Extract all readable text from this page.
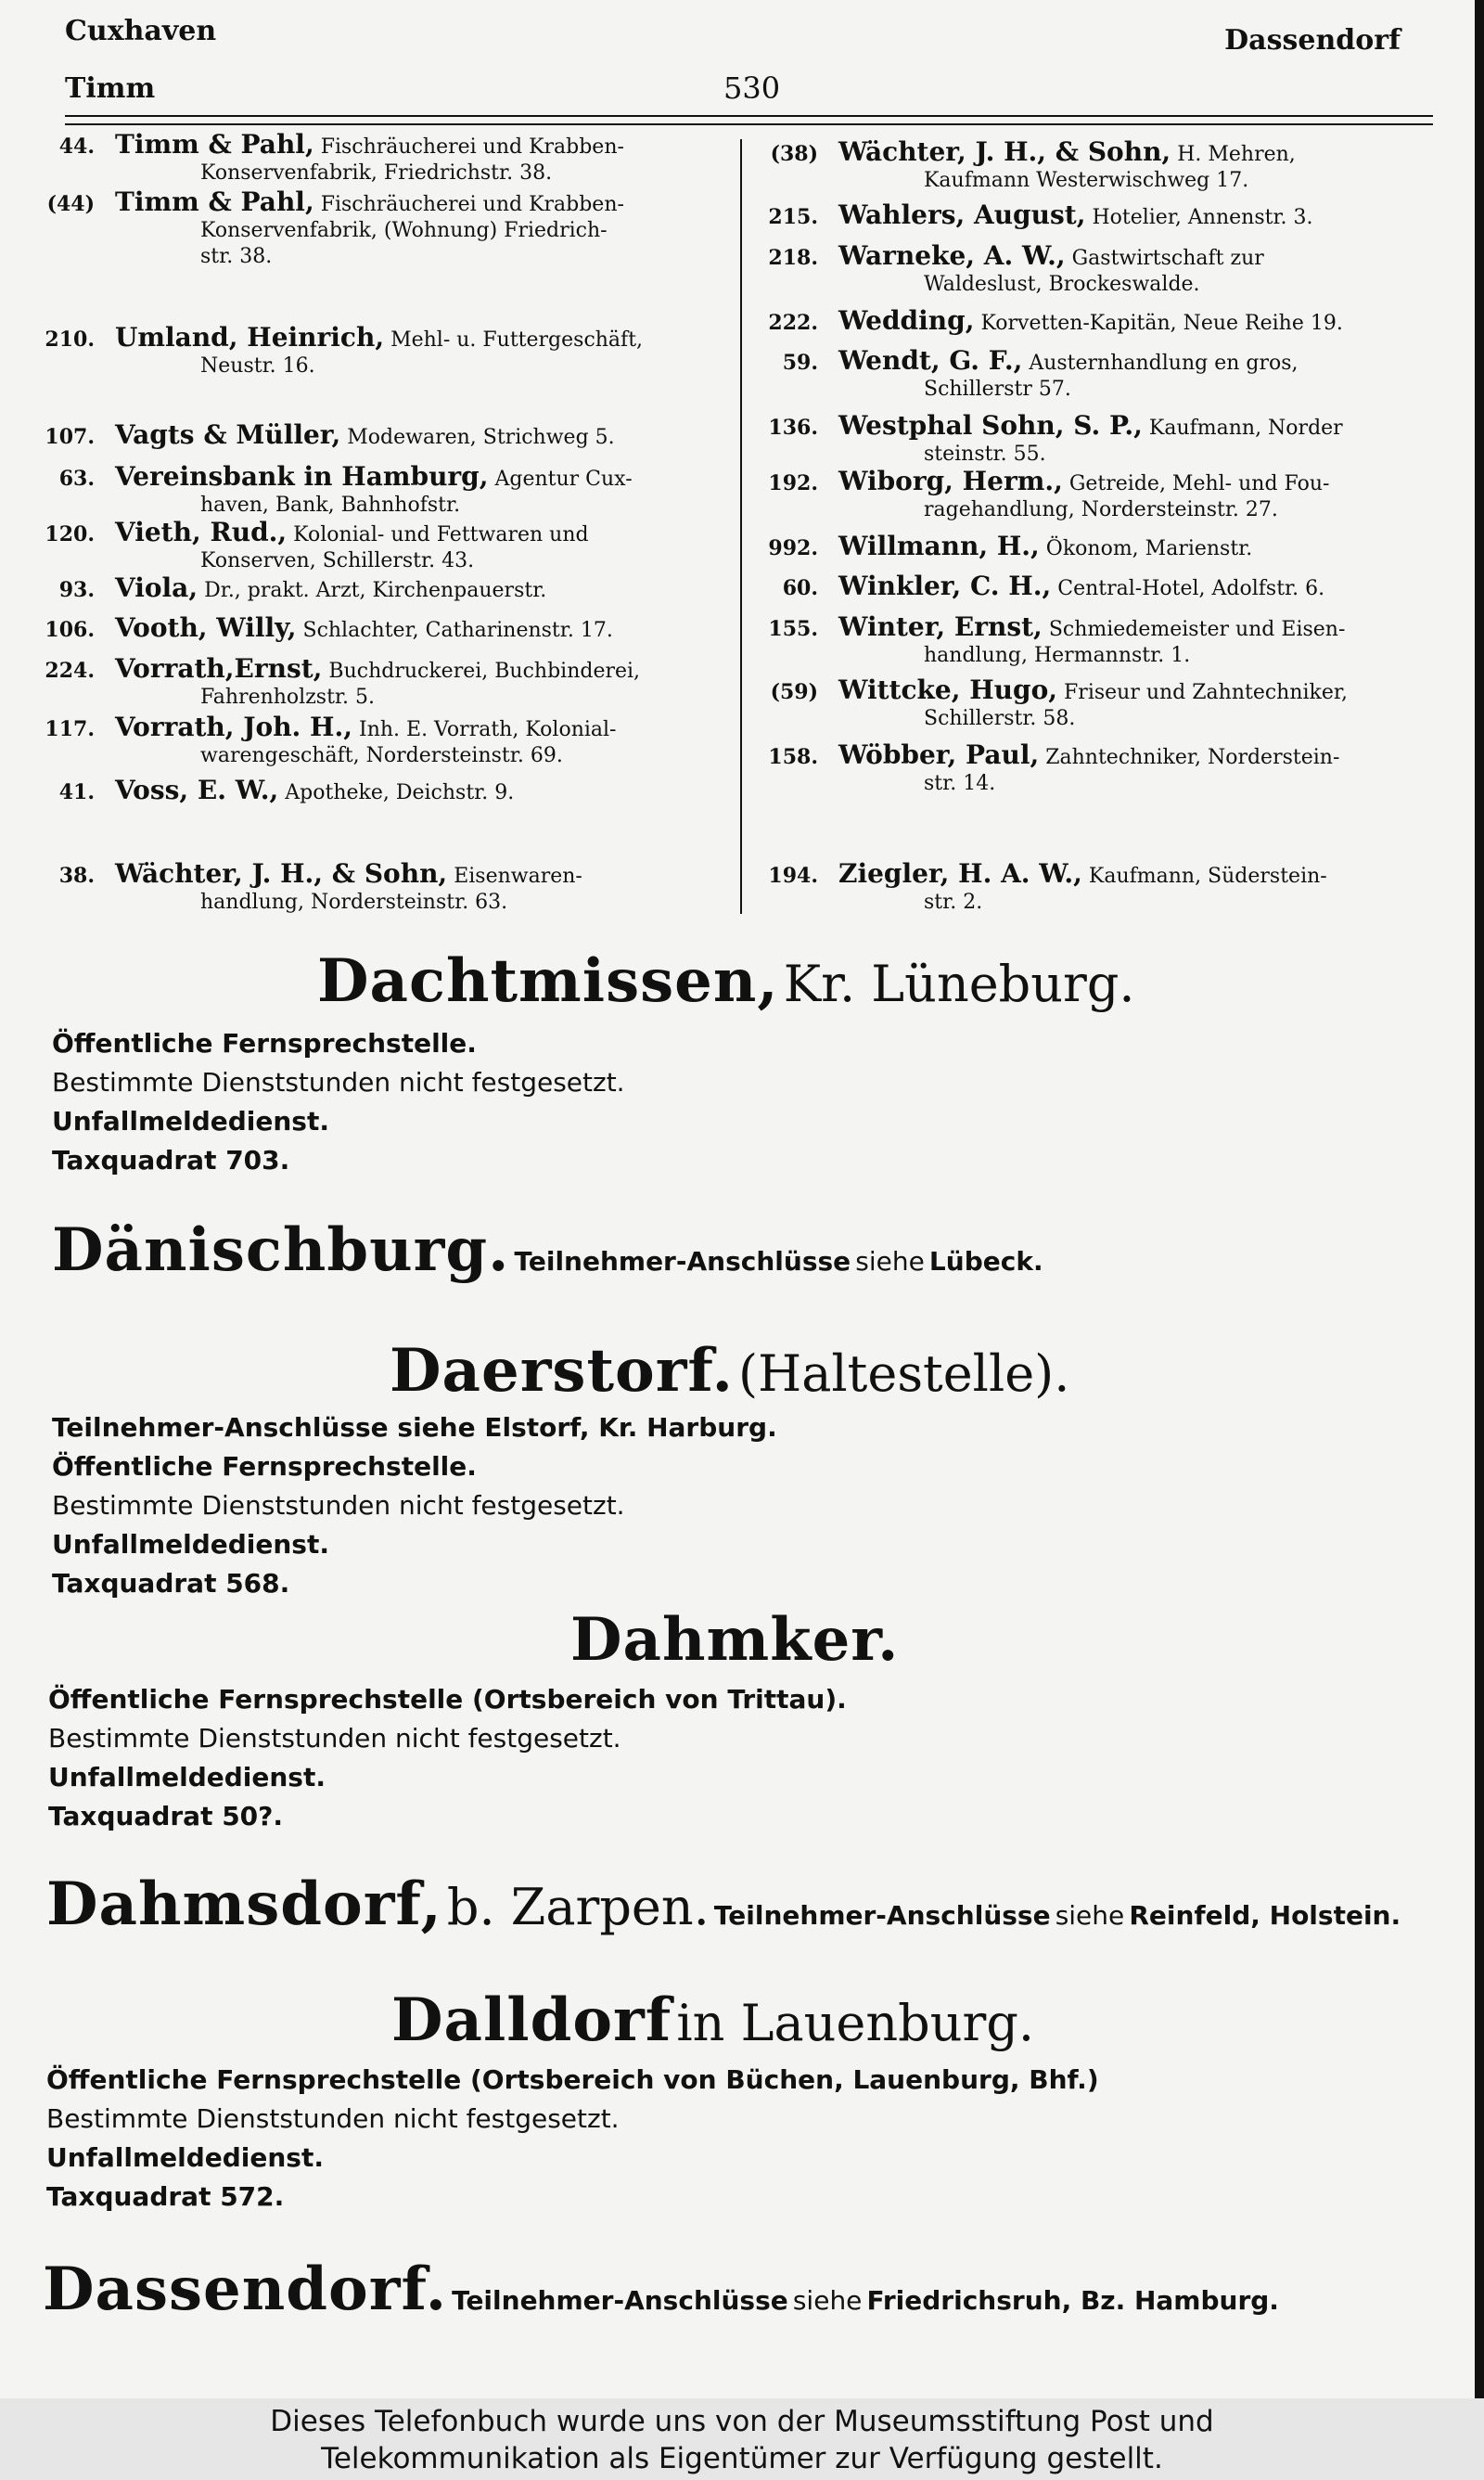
Cuxhaven	Dassendorf
Timm	530
44. Timm & Pahl, Fischräucherei und Krabben-
Konservenfabrik, Friedrichstr. 38.
(44) Timm & Pahl, Fischräucherei und Krabben-
Konservenfabrik, (Wohnung) Friedrich-
str. 38.
210. Umland, Heinrich, Mehl- u. Futtergeschäft,
Neustr. 16.
107. Vagts & Müller, Modewaren, Strichweg 5.
63. Vereinsbank in Hamburg, Agentur Cux-
haven, Bank, Bahnhofstr.
120. Vieth, Rud., Kolonial- und Fettwaren und
Konserven, Schillerstr. 43.
93. Viola, Dr., prakt. Arzt, Kirchenpauerstr.
106. Vooth, Willy, Schlachter, Catharinenstr. 17.
224. Vorrath,Ernst, Buchdruckerei, Buchbinderei,
Fahrenholzstr. 5.
117. Vorrath, Joh. H., Inh. E. Vorrath, Kolonial-
warengeschäft, Nordersteinstr. 69.
41. Voss, E. W., Apotheke, Deichstr. 9.
38. Wächter, J. H., & Sohn, Eisenwaren-
handlung, Nordersteinstr. 63.
(38) Wächter, J. H., & Sohn, H. Mehren,
Kaufmann Westerwischweg 17.
215. Wahlers, August, Hotelier, Annenstr. 3.
218. Warneke, A. W., Gastwirtschaft zur
Waldeslust, Brockeswalde.
222. Wedding, Korvetten-Kapitän, Neue Reihe 19.
59. Wendt, G. F., Austernhandlung en gros,
Schillerstr 57.
136. Westphal Sohn, S. P., Kaufmann, Norder
steinstr. 55.
192. Wiborg, Herm., Getreide, Mehl- und Fou-
ragehandlung, Nordersteinstr. 27.
992. Willmann, H., Ökonom, Marienstr.
60. Winkler, C. H., Central-Hotel, Adolfstr. 6.
155. Winter, Ernst, Schmiedemeister und Eisen-
handlung, Hermannstr. 1.
(59) Wittcke, Hugo, Friseur und Zahntechniker,
Schillerstr. 58.
158. Wöbber, Paul, Zahntechniker, Norderstein-
str. 14.
194. Ziegler, H. A. W., Kaufmann, Süderstein-
str. 2.
Dachtmissen, Kr. Lüneburg.
Öffentliche Fernsprechstelle.
Bestimmte Dienststunden nicht festgesetzt.
Unfallmeldedienst.
Taxquadrat 703.
Dänischburg. Teilnehmer-Anschlüsse siehe Lübeck.
Daerstorf. (Haltestelle).
Teilnehmer-Anschlüsse siehe Elstorf, Kr. Harburg.
Öffentliche Fernsprechstelle.
Bestimmte Dienststunden nicht festgesetzt.
Unfallmeldedienst.
Taxquadrat 568.
Dahmker.
Öffentliche Fernsprechstelle (Ortsbereich von Trittau).
Bestimmte Dienststunden nicht festgesetzt.
Unfallmeldedienst.
Taxquadrat 50?.
Dahmsdorf, b. Zarpen. Teilnehmer-Anschlüsse siehe Reinfeld, Holstein.
Dalldorf in Lauenburg.
Öffentliche Fernsprechstelle (Ortsbereich von Büchen, Lauenburg, Bhf.)
Bestimmte Dienststunden nicht festgesetzt.
Unfallmeldedienst.
Taxquadrat 572.
Dassendorf. Teilnehmer-Anschlüsse siehe Friedrichsruh, Bz. Hamburg.
Dieses Telefonbuch wurde uns von der Museumsstiftung Post und
Telekommunikation als Eigentümer zur Verfügung gestellt.
